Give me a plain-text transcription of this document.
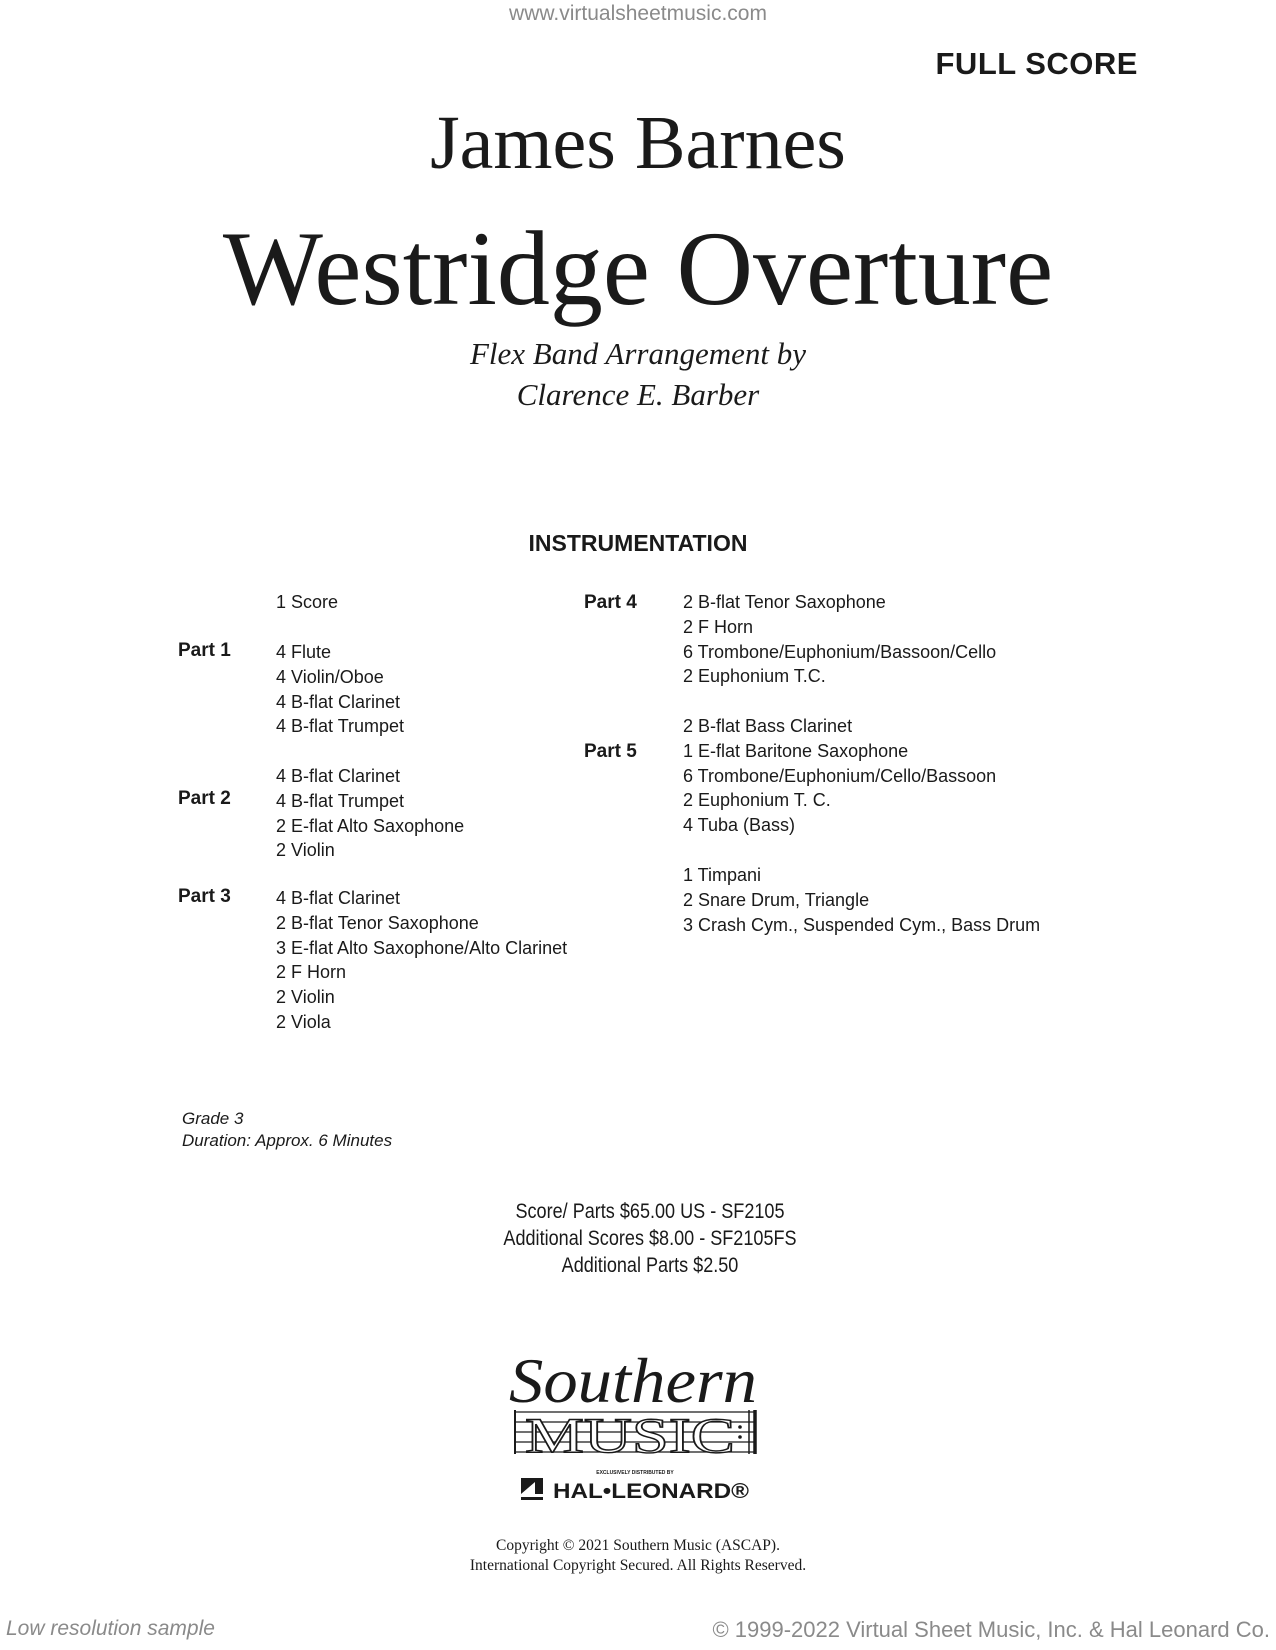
www.virtualsheetmusic.com
FULL SCORE
James Barnes
Westridge Overture
Flex Band Arrangement by
Clarence E. Barber
INSTRUMENTATION
1 Score
Part 1	4 Flute
4 Violin/Oboe
4 B-flat Clarinet
4 B-flat Trumpet
Part 2
4 B-flat Clarinet
4 B-flat Trumpet
2 E-flat Alto Saxophone
2 Violin
Part 3	4 B-flat Clarinet
2 B-flat Tenor Saxophone
3 E-flat Alto Saxophone/Alto Clarinet
2 F Horn
2 Violin
2 Viola
Part 4	2 B-flat Tenor Saxophone
2 F Horn
6 Trombone/Euphonium/Bassoon/Cello
2 Euphonium T.C.
Part 5
2 B-flat Bass Clarinet
1 E-flat Baritone Saxophone
6 Trombone/Euphonium/Cello/Bassoon
2 Euphonium T. C.
4 Tuba (Bass)
1 Timpani
2 Snare Drum, Triangle
3 Crash Cym., Suspended Cym., Bass Drum
Grade 3
Duration: Approx. 6 Minutes
Score/ Parts $65.00 US - SF2105
Additional Scores $8.00 - SF2105FS
Additional Parts $2.50
Southern
MUSIC
EXCLUSIVELY DISTRIBUTED BY
HAL•LEONARD®
Copyright © 2021 Southern Music (ASCAP).
International Copyright Secured. All Rights Reserved.
Low resolution sample	© 1999-2022 Virtual Sheet Music, Inc. & Hal Leonard Co.
